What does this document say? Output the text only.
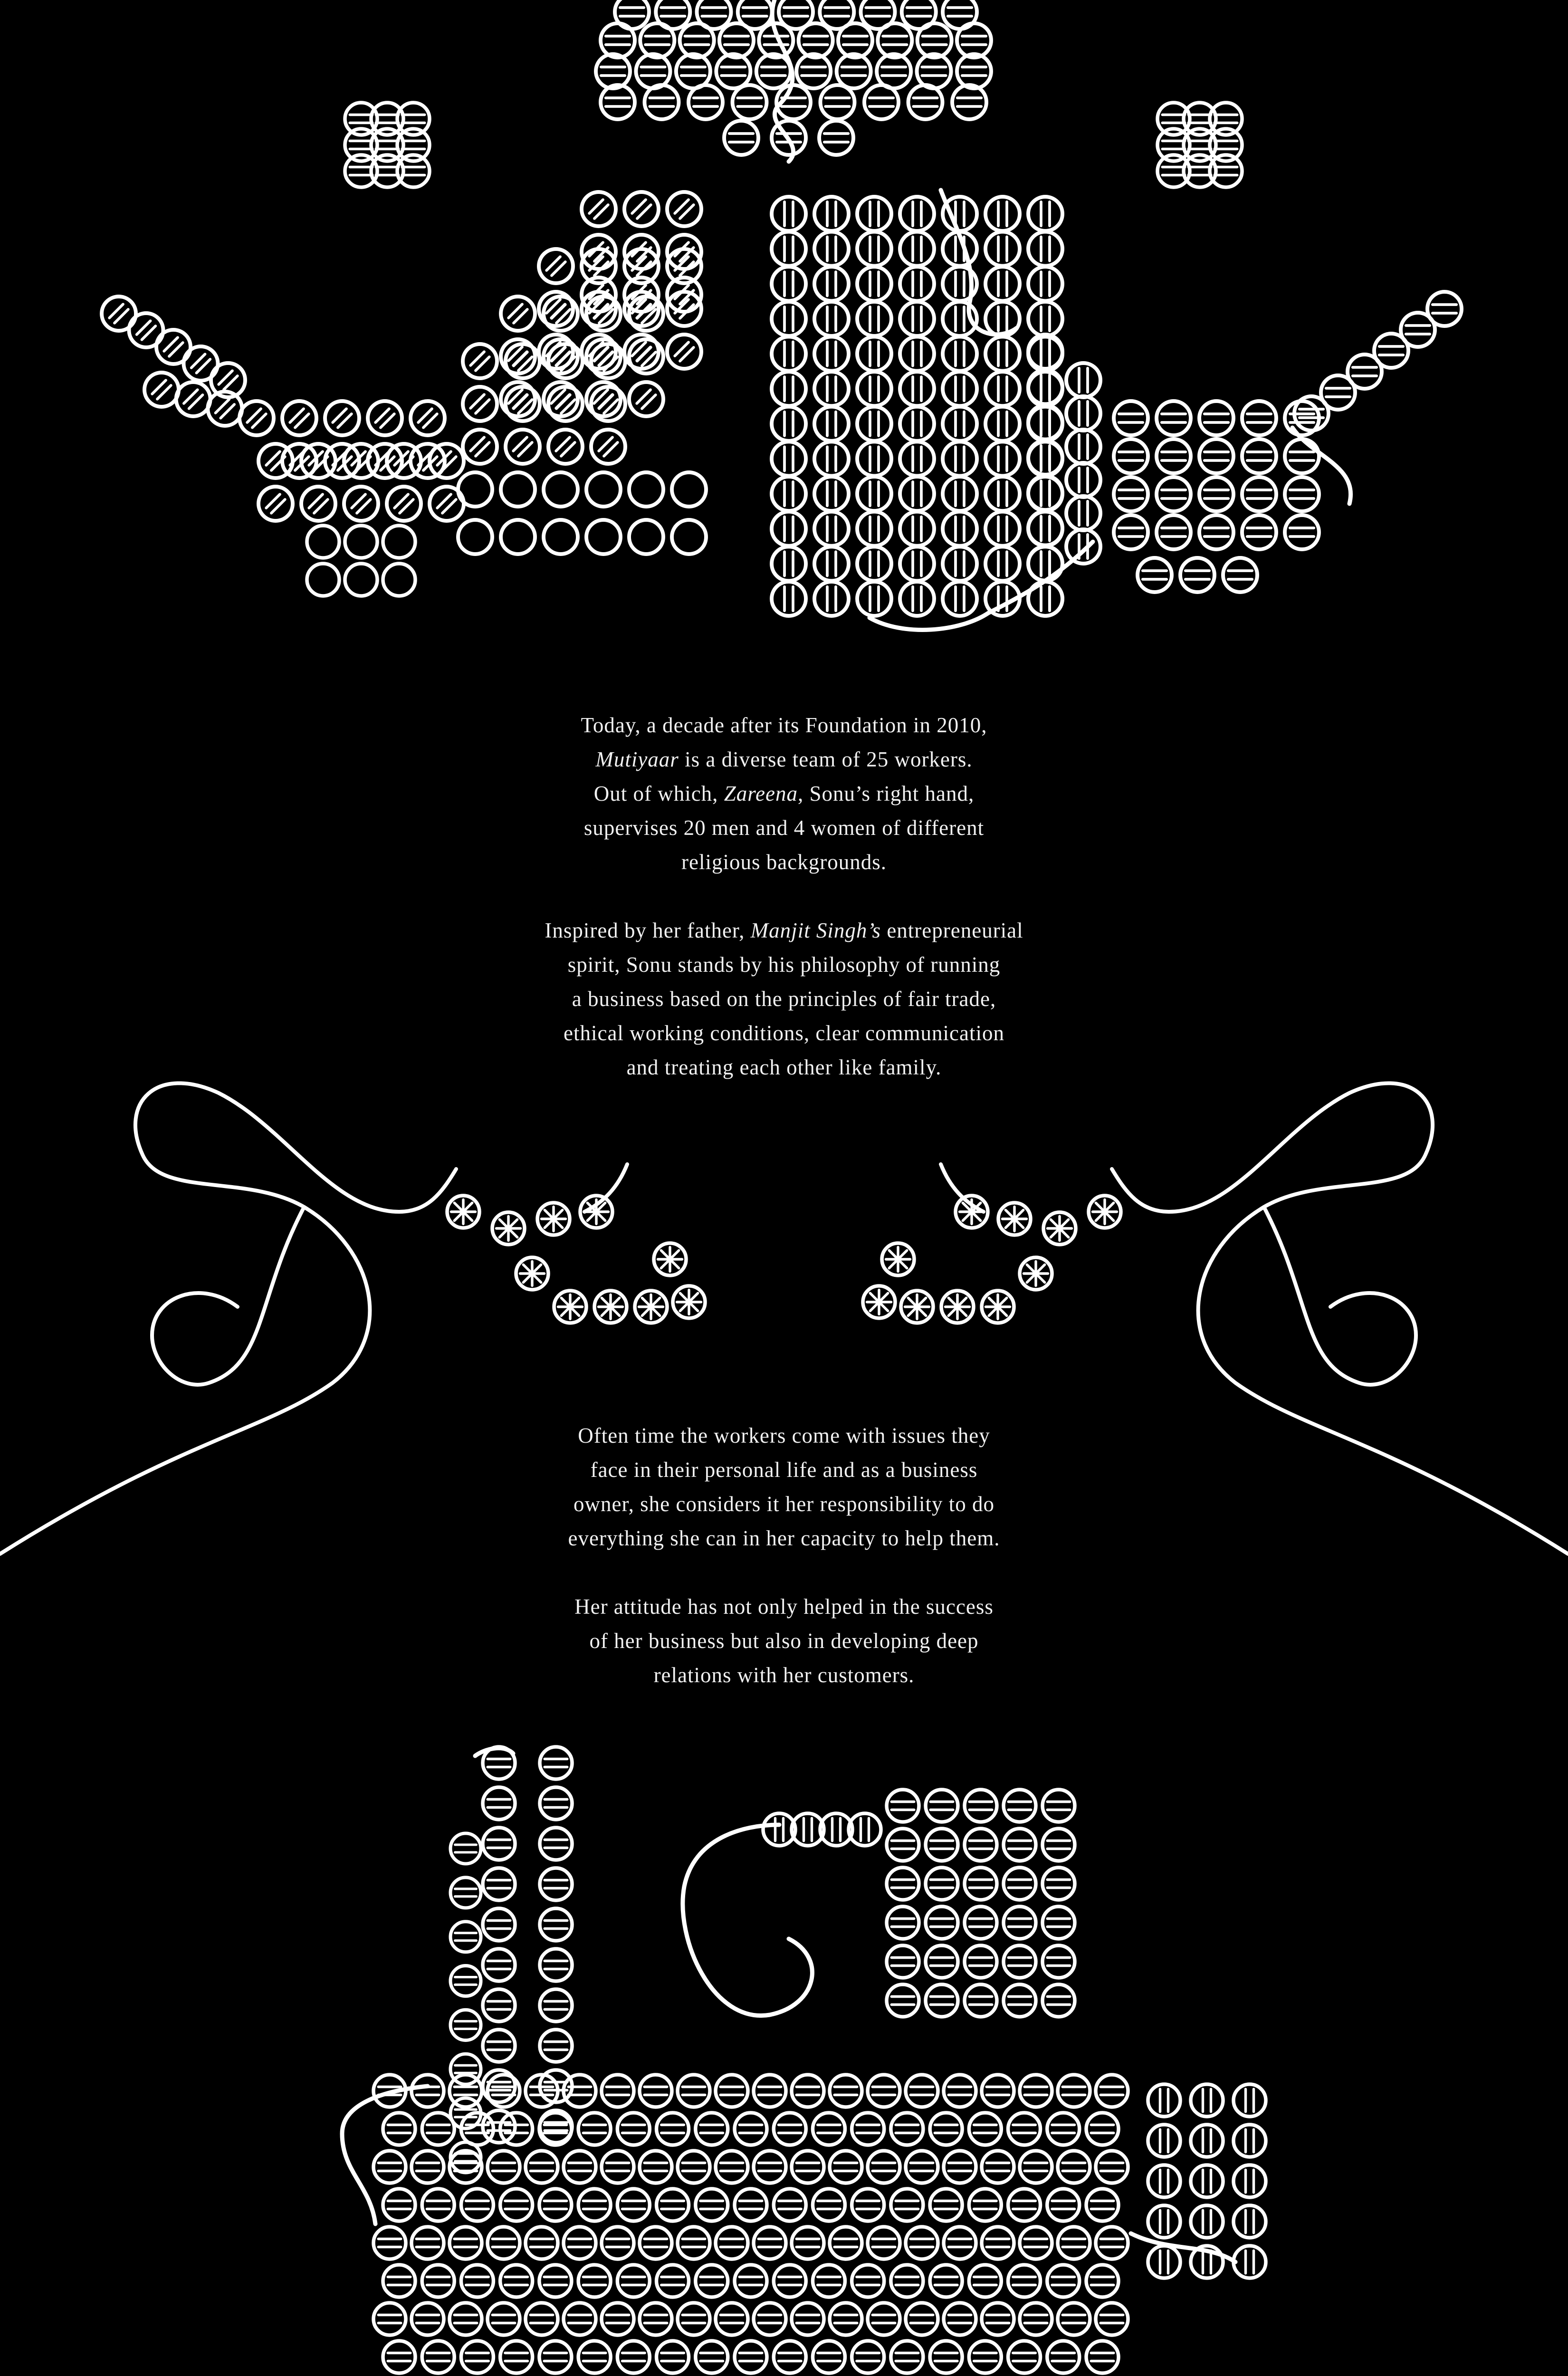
Today, a decade after its Foundation in 2010,
Mutiyaar is a diverse team of 25 workers.
Out of which, Zareena, Sonu’s right hand,
supervises 20 men and 4 women of different
religious backgrounds.

Inspired by her father, Manjit Singh’s entrepreneurial
spirit, Sonu stands by his philosophy of running
a business based on the principles of fair trade,
ethical working conditions, clear communication
and treating each other like family.

Often time the workers come with issues they
face in their personal life and as a business
owner, she considers it her responsibility to do
everything she can in her capacity to help them.

Her attitude has not only helped in the success
of her business but also in developing deep
relations with her customers.
